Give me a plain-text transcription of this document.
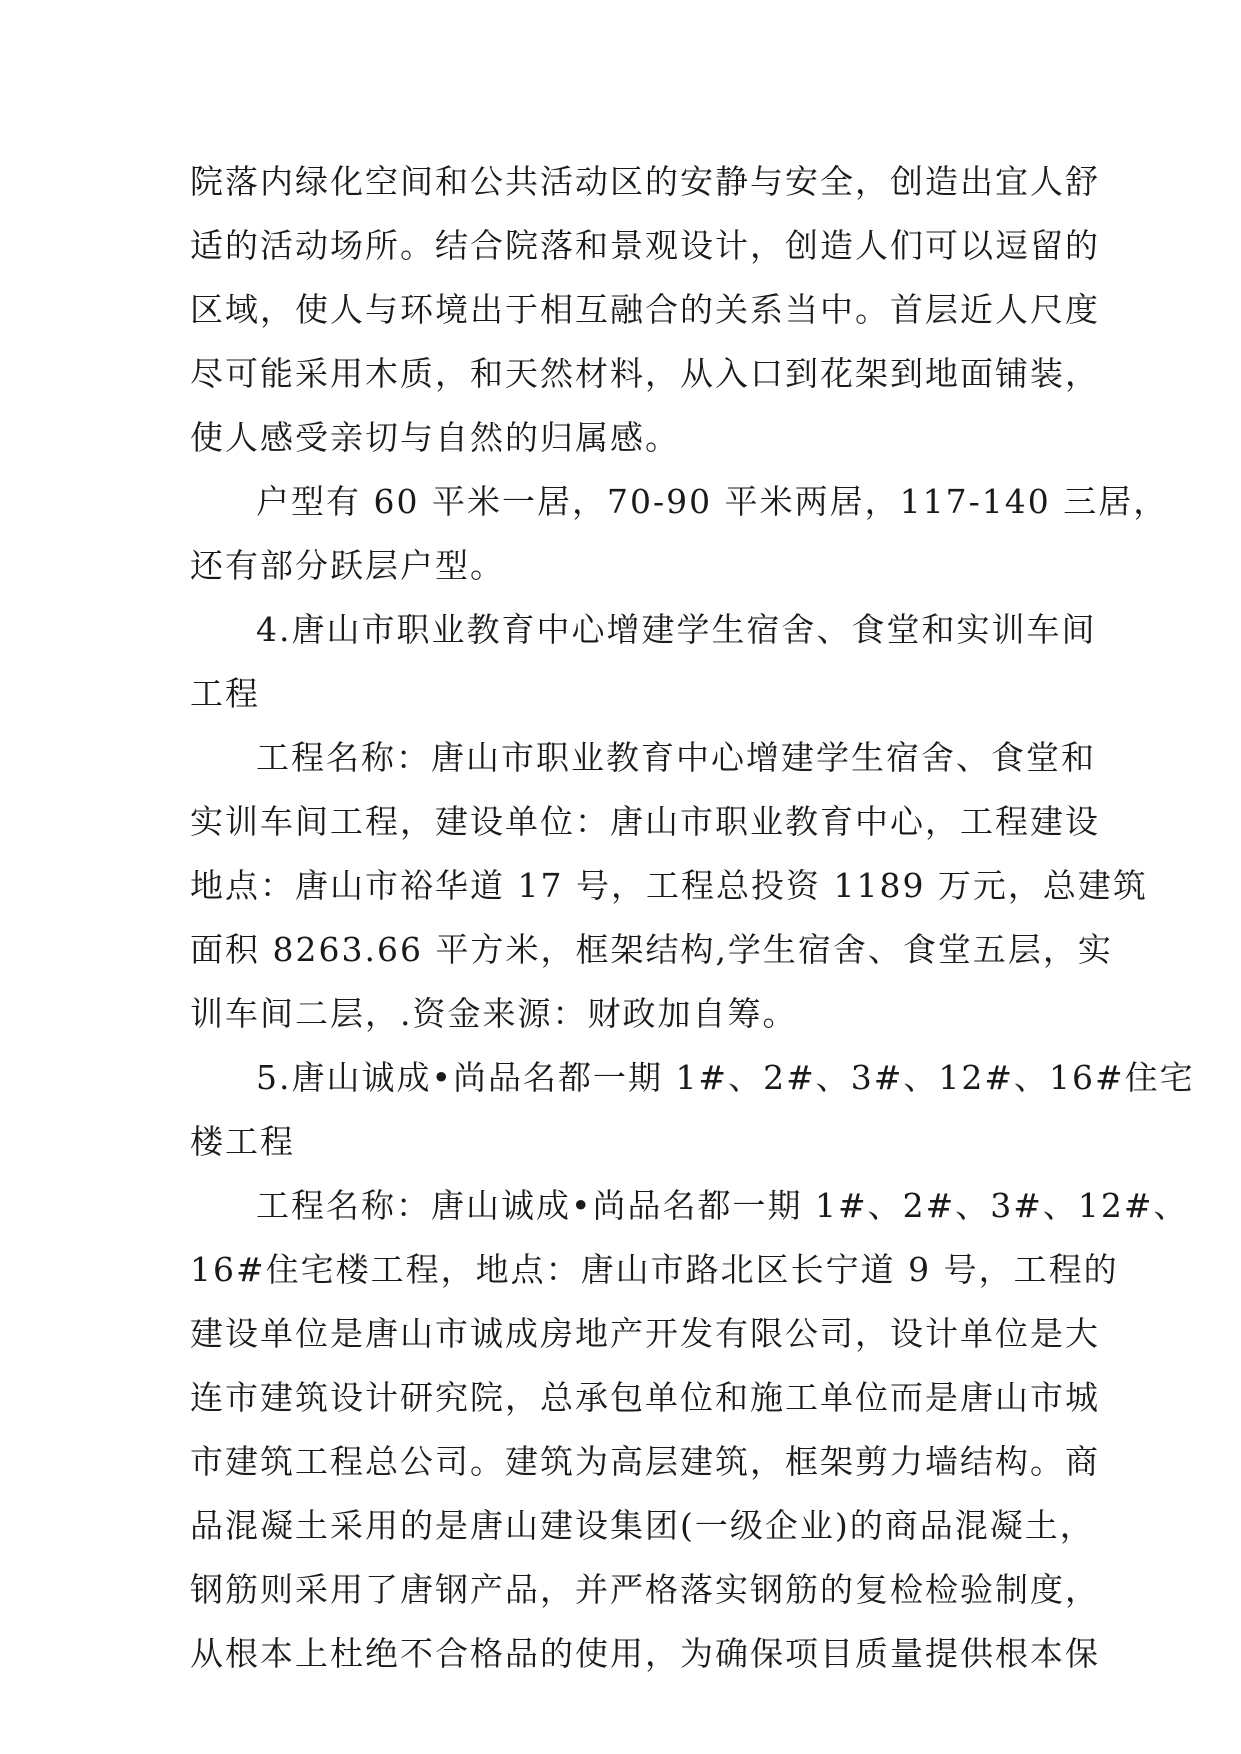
院落内绿化空间和公共活动区的安静与安全，创造出宜人舒
适的活动场所。结合院落和景观设计，创造人们可以逗留的
区域，使人与环境出于相互融合的关系当中。首层近人尺度
尽可能采用木质，和天然材料，从入口到花架到地面铺装，
使人感受亲切与自然的归属感。
户型有 60 平米一居，70-90 平米两居，117-140 三居，
还有部分跃层户型。
4.唐山市职业教育中心增建学生宿舍、食堂和实训车间
工程
工程名称：唐山市职业教育中心增建学生宿舍、食堂和
实训车间工程，建设单位：唐山市职业教育中心，工程建设
地点：唐山市裕华道 17 号，工程总投资 1189 万元，总建筑
面积 8263.66 平方米，框架结构,学生宿舍、食堂五层，实
训车间二层，.资金来源：财政加自筹。
5.唐山诚成•尚品名都一期 1#、2#、3#、12#、16#住宅
楼工程
工程名称：唐山诚成•尚品名都一期 1#、2#、3#、12#、
16#住宅楼工程，地点：唐山市路北区长宁道 9 号，工程的
建设单位是唐山市诚成房地产开发有限公司，设计单位是大
连市建筑设计研究院，总承包单位和施工单位而是唐山市城
市建筑工程总公司。建筑为高层建筑，框架剪力墙结构。商
品混凝土采用的是唐山建设集团(一级企业)的商品混凝土，
钢筋则采用了唐钢产品，并严格落实钢筋的复检检验制度，
从根本上杜绝不合格品的使用，为确保项目质量提供根本保
